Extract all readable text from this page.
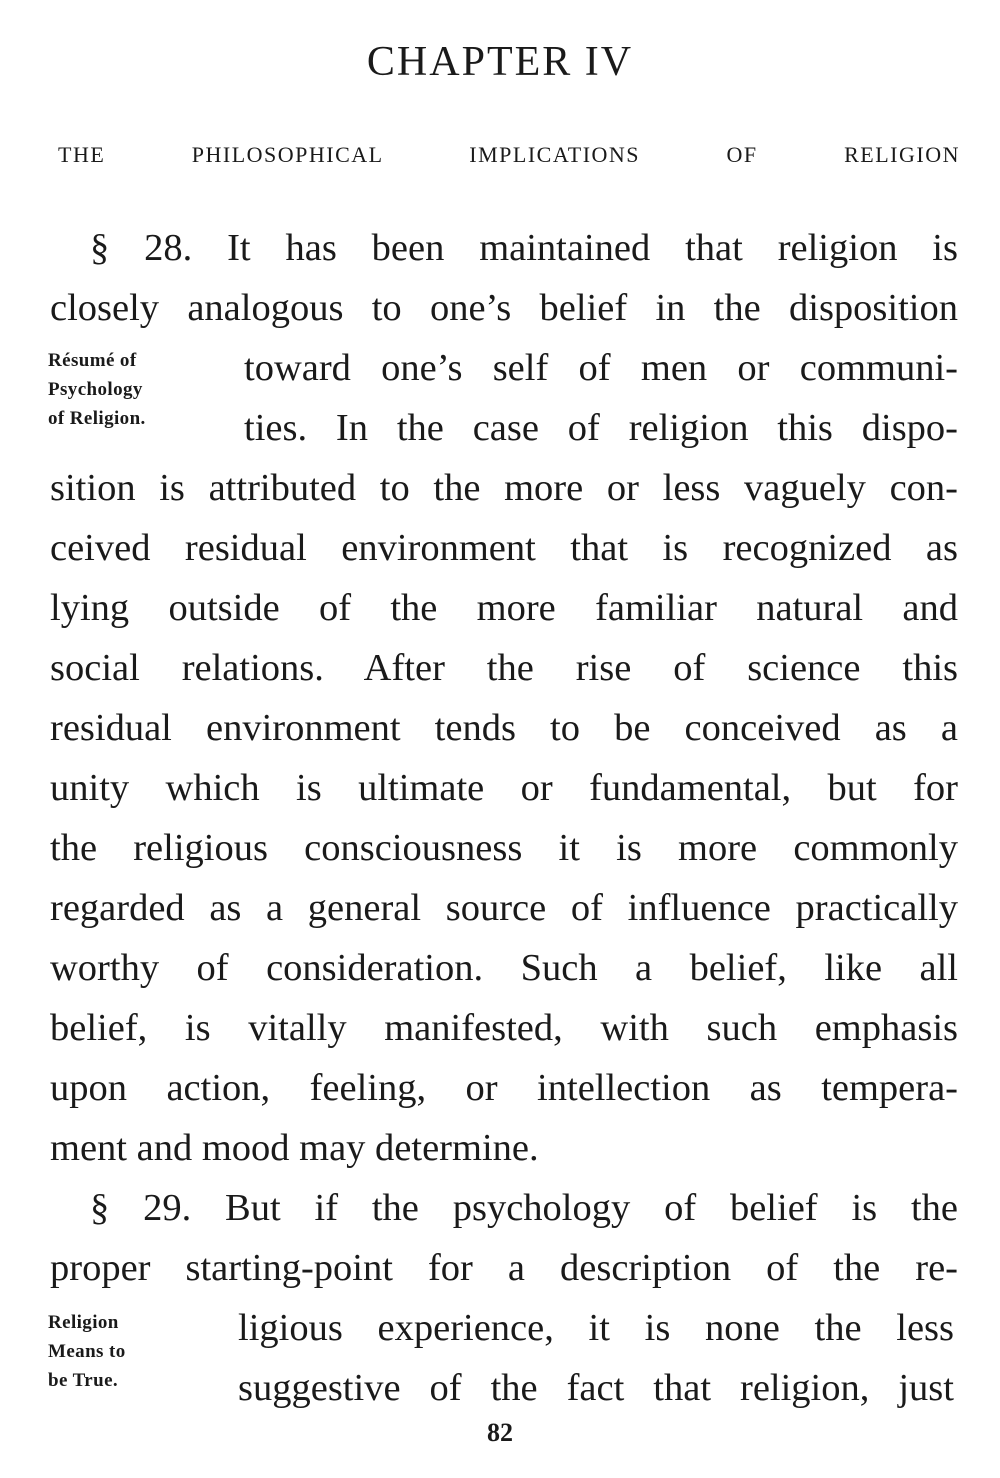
CHAPTER IV
THE PHILOSOPHICAL IMPLICATIONS OF RELIGION
§ 28. It has been maintained that religion is
closely analogous to one’s belief in the disposition
toward one’s self of men or communi-
ties. In the case of religion this dispo-
sition is attributed to the more or less vaguely con-
ceived residual environment that is recognized as
lying outside of the more familiar natural and
social relations. After the rise of science this
residual environment tends to be conceived as a
unity which is ultimate or fundamental, but for
the religious consciousness it is more commonly
regarded as a general source of influence practically
worthy of consideration. Such a belief, like all
belief, is vitally manifested, with such emphasis
upon action, feeling, or intellection as tempera-
ment and mood may determine.
§ 29. But if the psychology of belief is the
proper starting-point for a description of the re-
ligious experience, it is none the less
suggestive of the fact that religion, just
Résumé of
Psychology
of Religion.
Religion
Means to
be True.
82
